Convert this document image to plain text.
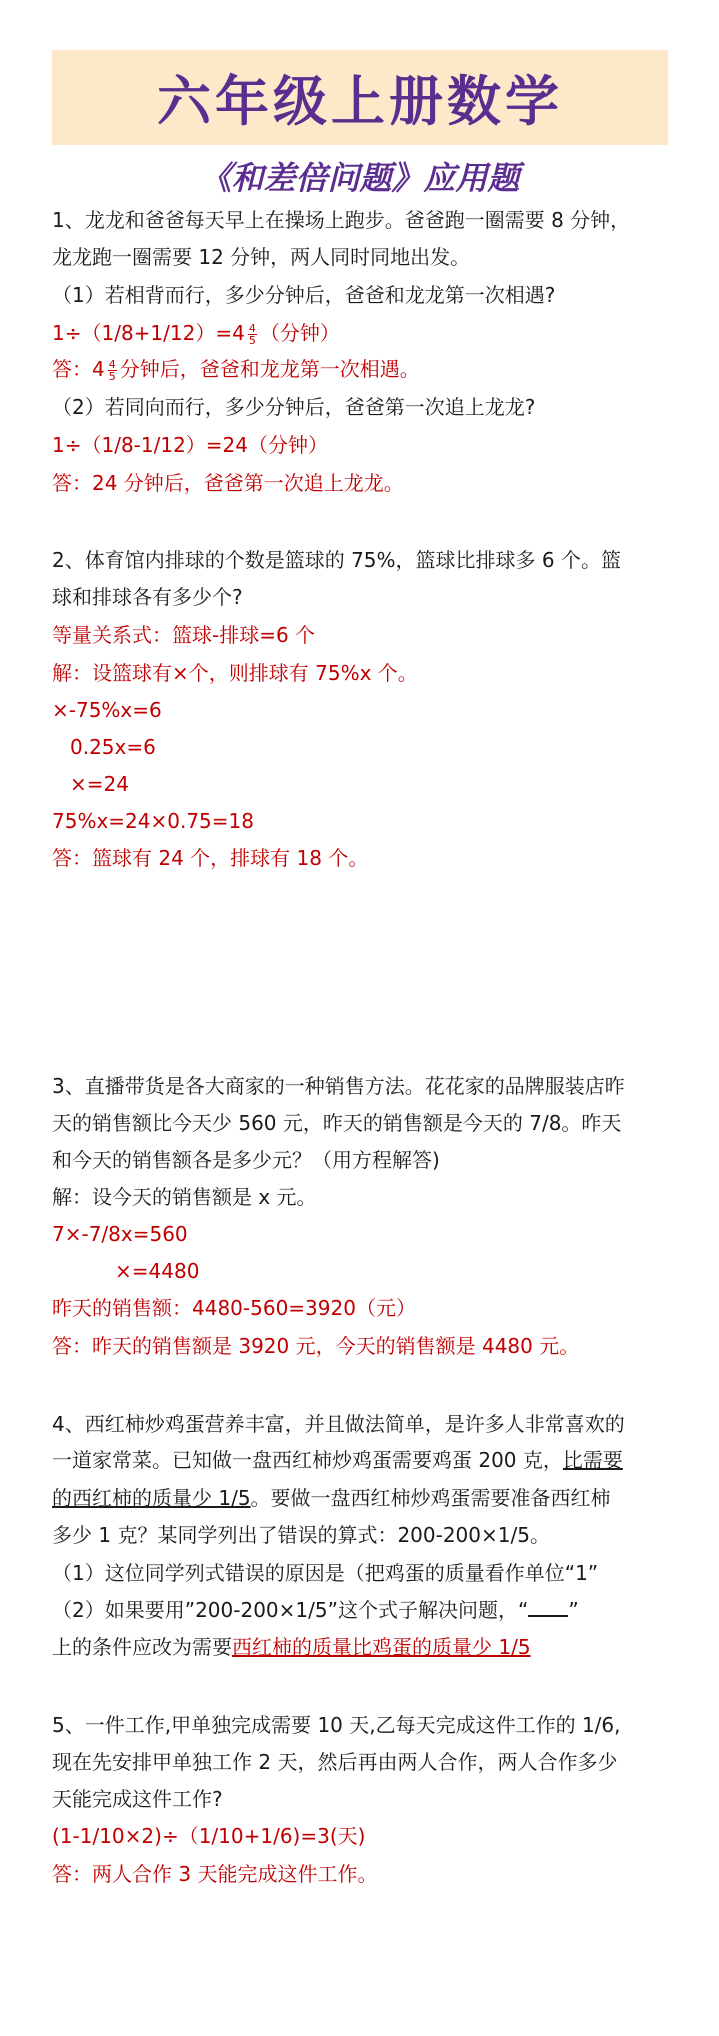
六年级上册数学
《和差倍问题》应用题
1、龙龙和爸爸每天早上在操场上跑步。爸爸跑一圈需要 8 分钟，
龙龙跑一圈需要 12 分钟，两人同时同地出发。
（1）若相背而行，多少分钟后，爸爸和龙龙第一次相遇?
$1\div(1/8+1/12)=4 \frac{4}{5}$ （分钟）
答：$4 \frac{4}{5}$ 分钟后，爸爸和龙龙第一次相遇。
（2）若同向而行，多少分钟后，爸爸第一次追上龙龙?
1÷（1/8-1/12）=24（分钟）
答：24 分钟后，爸爸第一次追上龙龙。
2、体育馆内排球的个数是篮球的 75%，篮球比排球多 6 个。篮
球和排球各有多少个?
等量关系式：篮球-排球=6 个
解：设篮球有×个，则排球有 75%x 个。
×-75%x=6
0.25x=6
×=24
75%x=24×0.75=18
答：篮球有 24 个，排球有 18 个。
3、直播带货是各大商家的一种销售方法。花花家的品牌服装店昨
天的销售额比今天少 560 元，昨天的销售额是今天的 7/8。昨天
和今天的销售额各是多少元？（用方程解答)
解：设今天的销售额是 x 元。
7×-7/8x=560
×=4480
昨天的销售额：4480-560=3920（元）
答：昨天的销售额是 3920 元，今天的销售额是 4480 元。
4、西红柿炒鸡蛋营养丰富，并且做法简单，是许多人非常喜欢的
一道家常菜。已知做一盘西红柿炒鸡蛋需要鸡蛋 200 克，比需要
的西红柿的质量少 1/5。要做一盘西红柿炒鸡蛋需要准备西红柿
多少 1 克？某同学列出了错误的算式：200-200×1/5。
（1）这位同学列式错误的原因是（把鸡蛋的质量看作单位“1”
（2）如果要用”200-200×1/5”这个式子解决问题，“ ”
上的条件应改为需要西红柿的质量比鸡蛋的质量少 1/5
5、一件工作,甲单独完成需要 10 天,乙每天完成这件工作的 1/6,
现在先安排甲单独工作 2 天，然后再由两人合作，两人合作多少
天能完成这件工作?
(1-1/10×2)÷（1/10+1/6)=3(天)
答：两人合作 3 天能完成这件工作。
